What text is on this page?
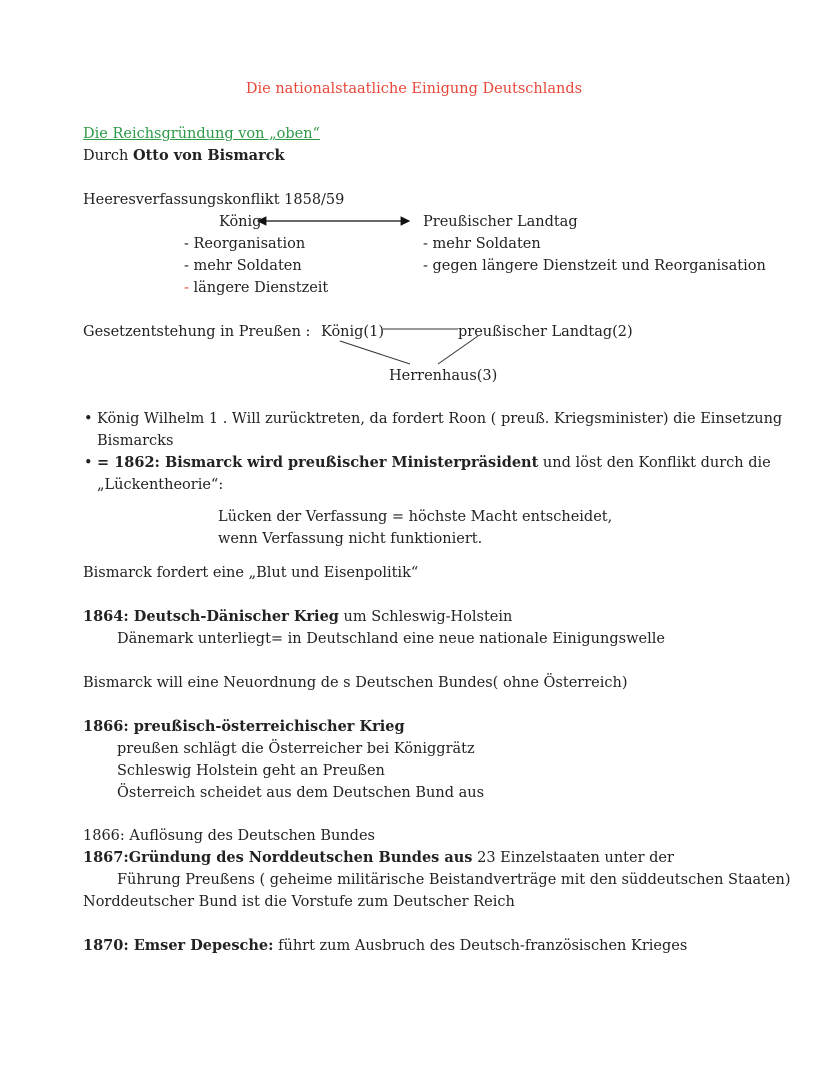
Die nationalstaatliche Einigung Deutschlands
Die Reichsgründung von „oben“
Durch Otto von Bismarck
Heeresverfassungskonflikt 1858/59
König	Preußischer Landtag
- Reorganisation
- mehr Soldaten
- längere Dienstzeit
- mehr Soldaten
- gegen längere Dienstzeit und Reorganisation
Gesetzentstehung in Preußen : König(1)	preußischer Landtag(2)
Herrenhaus(3)
• König Wilhelm 1 . Will zurücktreten, da fordert Roon ( preuß. Kriegsminister) die Einsetzung
Bismarcks
• = 1862: Bismarck wird preußischer Ministerpräsident und löst den Konflikt durch die
„Lückentheorie“:
Lücken der Verfassung = höchste Macht entscheidet,
wenn Verfassung nicht funktioniert.
Bismarck fordert eine „Blut und Eisenpolitik“
1864: Deutsch-Dänischer Krieg um Schleswig-Holstein
Dänemark unterliegt= in Deutschland eine neue nationale Einigungswelle
Bismarck will eine Neuordnung de s Deutschen Bundes( ohne Österreich)
1866: preußisch-österreichischer Krieg
preußen schlägt die Österreicher bei Königgrätz
Schleswig Holstein geht an Preußen
Österreich scheidet aus dem Deutschen Bund aus
1866: Auflösung des Deutschen Bundes
1867:Gründung des Norddeutschen Bundes aus 23 Einzelstaaten unter der
Führung Preußens ( geheime militärische Beistandverträge mit den süddeutschen Staaten)
Norddeutscher Bund ist die Vorstufe zum Deutscher Reich
1870: Emser Depesche: führt zum Ausbruch des Deutsch-französischen Krieges
